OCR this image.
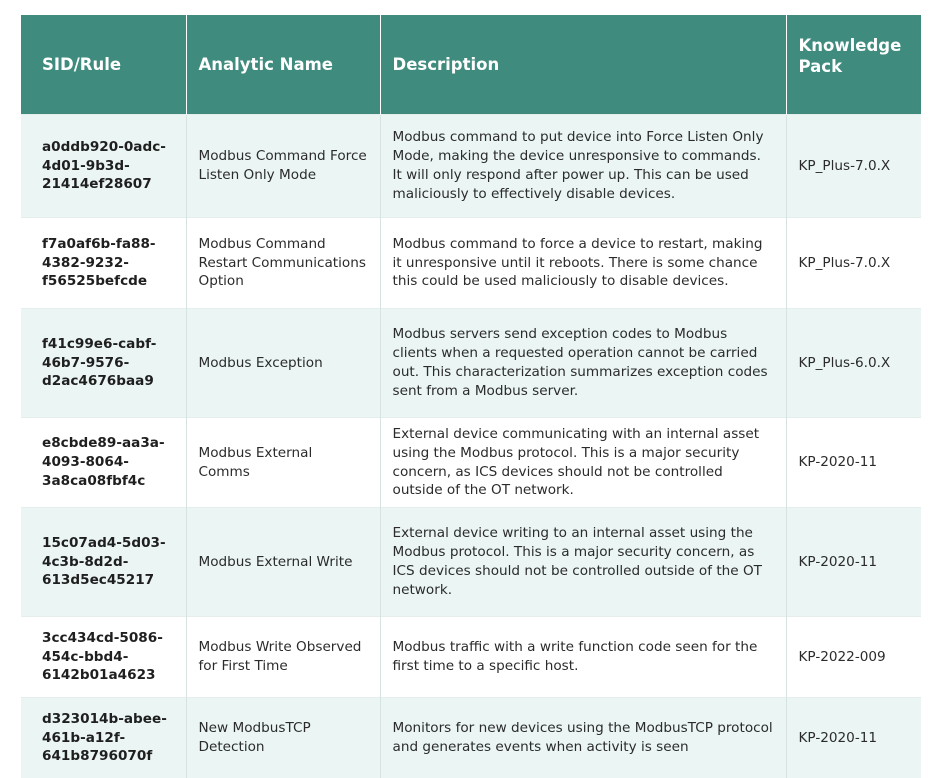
SID/Rule	Analytic Name	Description	Knowledge Pack
a0ddb920-0adc-4d01-9b3d-21414ef28607	Modbus Command Force Listen Only Mode	Modbus command to put device into Force Listen Only Mode, making the device unresponsive to commands. It will only respond after power up. This can be used maliciously to effectively disable devices.	KP_Plus-7.0.X
f7a0af6b-fa88-4382-9232-f56525befcde	Modbus Command Restart Communications Option	Modbus command to force a device to restart, making it unresponsive until it reboots. There is some chance this could be used maliciously to disable devices.	KP_Plus-7.0.X
f41c99e6-cabf-46b7-9576-d2ac4676baa9	Modbus Exception	Modbus servers send exception codes to Modbus clients when a requested operation cannot be carried out. This characterization summarizes exception codes sent from a Modbus server.	KP_Plus-6.0.X
e8cbde89-aa3a-4093-8064-3a8ca08fbf4c	Modbus External Comms	External device communicating with an internal asset using the Modbus protocol. This is a major security concern, as ICS devices should not be controlled outside of the OT network.	KP-2020-11
15c07ad4-5d03-4c3b-8d2d-613d5ec45217	Modbus External Write	External device writing to an internal asset using the Modbus protocol. This is a major security concern, as ICS devices should not be controlled outside of the OT network.	KP-2020-11
3cc434cd-5086-454c-bbd4-6142b01a4623	Modbus Write Observed for First Time	Modbus traffic with a write function code seen for the first time to a specific host.	KP-2022-009
d323014b-abee-461b-a12f-641b8796070f	New ModbusTCP Detection	Monitors for new devices using the ModbusTCP protocol and generates events when activity is seen	KP-2020-11
